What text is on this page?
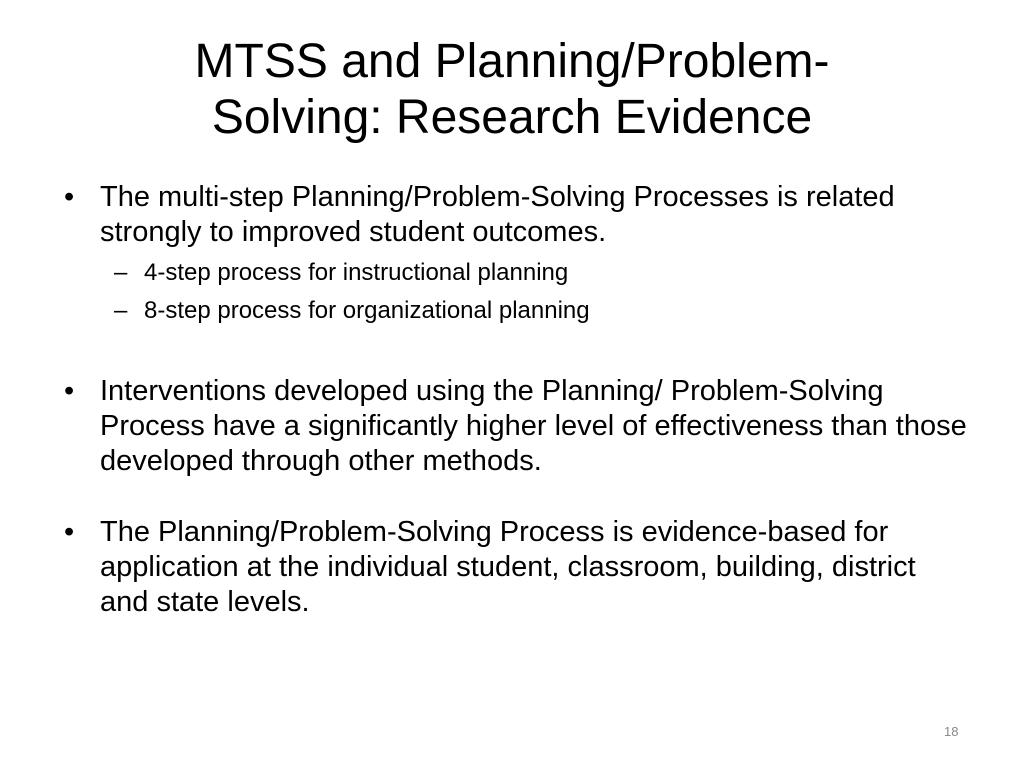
MTSS and Planning/Problem-
Solving: Research Evidence
• The multi-step Planning/Problem-Solving Processes is related strongly to improved student outcomes.
– 4-step process for instructional planning
– 8-step process for organizational planning
• Interventions developed using the Planning/ Problem-Solving Process have a significantly higher level of effectiveness than those developed through other methods.
• The Planning/Problem-Solving Process is evidence-based for application at the individual student, classroom, building, district and state levels.
18
